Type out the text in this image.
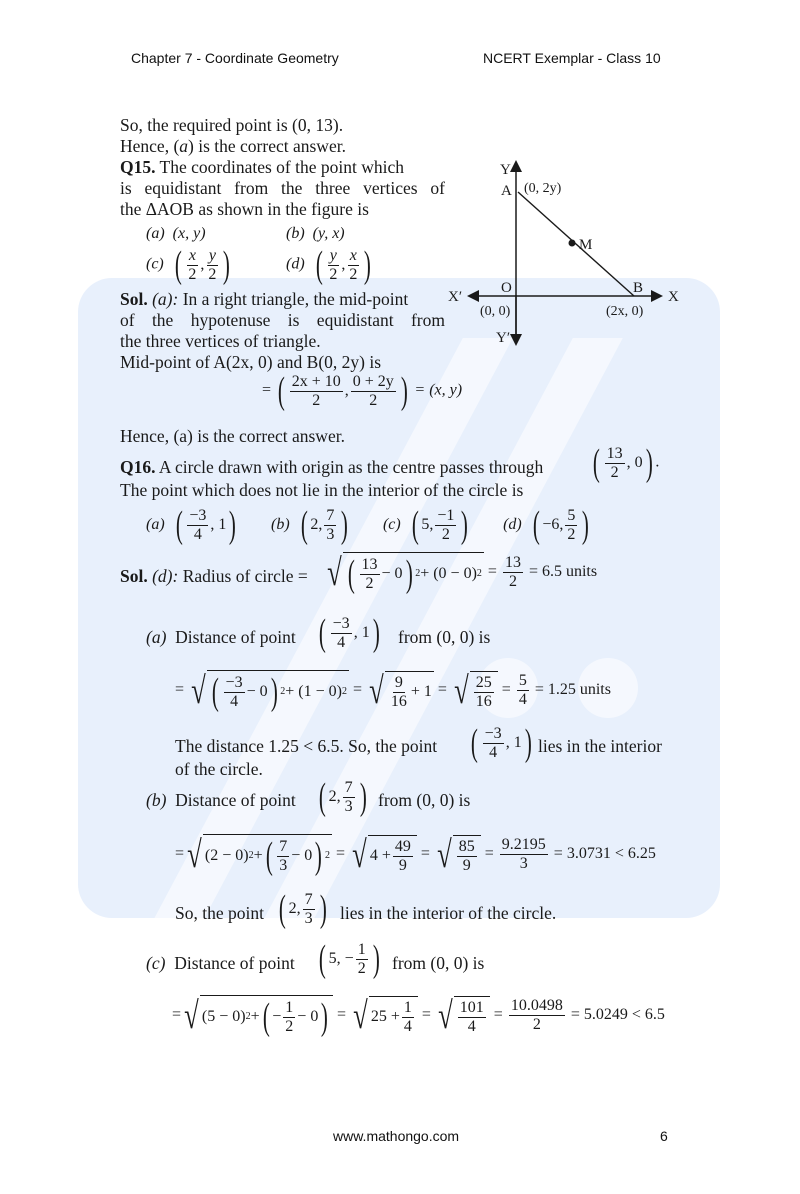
Chapter 7 - Coordinate Geometry	NCERT Exemplar - Class 10
So, the required point is (0, 13).
Hence, (a) is the correct answer.
Q15. The coordinates of the point which
is equidistant from the three vertices of
the ΔAOB as shown in the figure is
(a) (x, y)	(b) (y, x)
(c) ( $\frac{x}{2}$ , $\frac{y}{2}$
)	(d) ( $\frac{y}{2}$ , $\frac{x}{2}$
)
Y
A (0, 2y)
M
O	B
X′	X
(0, 0)	(2x, 0)
Y′
Sol. (a): In a right triangle, the mid-point
of the hypotenuse is equidistant from
the three vertices of triangle.
Mid-point of A(2x, 0) and B(0, 2y) is
= ( $\frac{2x + 10}{2}$ , $\frac{0 + 2y}{2}$
) = (x, y)
Hence, (a) is the correct answer.
Q16. A circle drawn with origin as the centre passes through	( $\frac{13}{2}$ , 0
) .
The point which does not lie in the interior of the circle is
(a) ( $\frac{-3}{4}$ , 1 )	(b) ( 2, $\frac{7}{3}$
)	(c) ( 5, $\frac{-1}{2}$
)	(d) ( −6, $\frac{5}{2}$
)
Sol. (d): Radius of circle = √ ( $\frac{13}{2} - 0$ )	2 + (0 − 0) $2 = \frac{13}{2} = 6.5$ units
(a) Distance of point ( $\frac{-3}{4}$ , 1 )	from (0, 0) is
= √ ( $\frac{-3}{4} - 0$ )	2 + (1 − 0) 2 = √ $\frac{9}{16} + 1$ = √ $\frac{25}{16} = \frac{5}{4} = 1.25$ units
The distance 1.25 < 6.5. So, the point	( $\frac{-3}{4}$ , 1 ) lies in the interior
of the circle.
(b) Distance of point	( 2, $\frac{7}{3}$
) from (0, 0) is
= √ (2 − 0) 2 + ( $\frac{7}{3} - 0$ )	2 = √ $4 + \frac{49}{9}$ = √ $\frac{85}{9} = \frac{9.2195}{3} = 3.0731 < 6.25$
So, the point	( 2, $\frac{7}{3}$
) lies in the interior of the circle.
(c) Distance of point	( 5, − $\frac{1}{2}$
) from (0, 0) is
= √ (5 − 0) 2 + ( − $\frac{1}{2} - 0$ ) = √ $25 + \frac{1}{4}$ = √ $\frac{101}{4} = \frac{10.0498}{2} = 5.0249 < 6.5$
www.mathongo.com	6
